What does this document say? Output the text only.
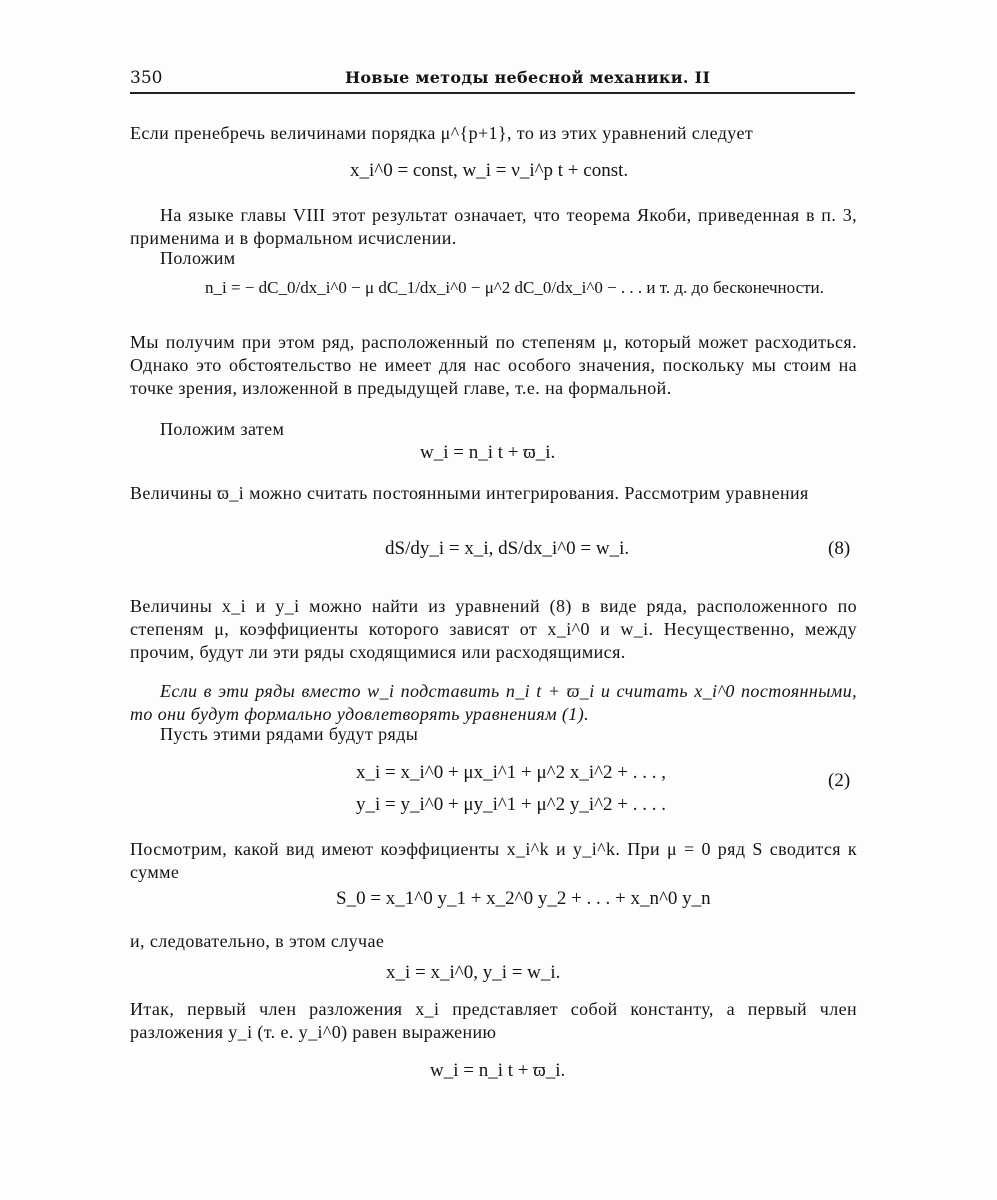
350	Новые методы небесной механики. II
Если пренебречь величинами порядка μ^{p+1}, то из этих уравнений следует
x_i^0 = const, w_i = ν_i^p t + const.
На языке главы VIII этот результат означает, что теорема Якоби, приведенная в п. 3, применима и в формальном исчислении.
Положим
n_i = − dC_0/dx_i^0 − μ dC_1/dx_i^0 − μ^2 dC_0/dx_i^0 − . . . и т. д. до бесконечности.
Мы получим при этом ряд, расположенный по степеням μ, который может расходиться. Однако это обстоятельство не имеет для нас особого значения, поскольку мы стоим на точке зрения, изложенной в предыдущей главе, т.е. на формальной.
Положим затем
w_i = n_i t + ϖ_i.
Величины ϖ_i можно считать постоянными интегрирования. Рассмотрим уравнения
dS/dy_i = x_i, dS/dx_i^0 = w_i.	(8)
Величины x_i и y_i можно найти из уравнений (8) в виде ряда, расположенного по степеням μ, коэффициенты которого зависят от x_i^0 и w_i. Несущественно, между прочим, будут ли эти ряды сходящимися или расходящимися.
Если в эти ряды вместо w_i подставить n_i t + ϖ_i и считать x_i^0 постоянными, то они будут формально удовлетворять уравнениям (1).
Пусть этими рядами будут ряды
x_i = x_i^0 + μx_i^1 + μ^2 x_i^2 + . . . ,
y_i = y_i^0 + μy_i^1 + μ^2 y_i^2 + . . . .
(2)
Посмотрим, какой вид имеют коэффициенты x_i^k и y_i^k. При μ = 0 ряд S сводится к сумме
S_0 = x_1^0 y_1 + x_2^0 y_2 + . . . + x_n^0 y_n
и, следовательно, в этом случае
x_i = x_i^0, y_i = w_i.
Итак, первый член разложения x_i представляет собой константу, а первый член разложения y_i (т. е. y_i^0) равен выражению
w_i = n_i t + ϖ_i.
